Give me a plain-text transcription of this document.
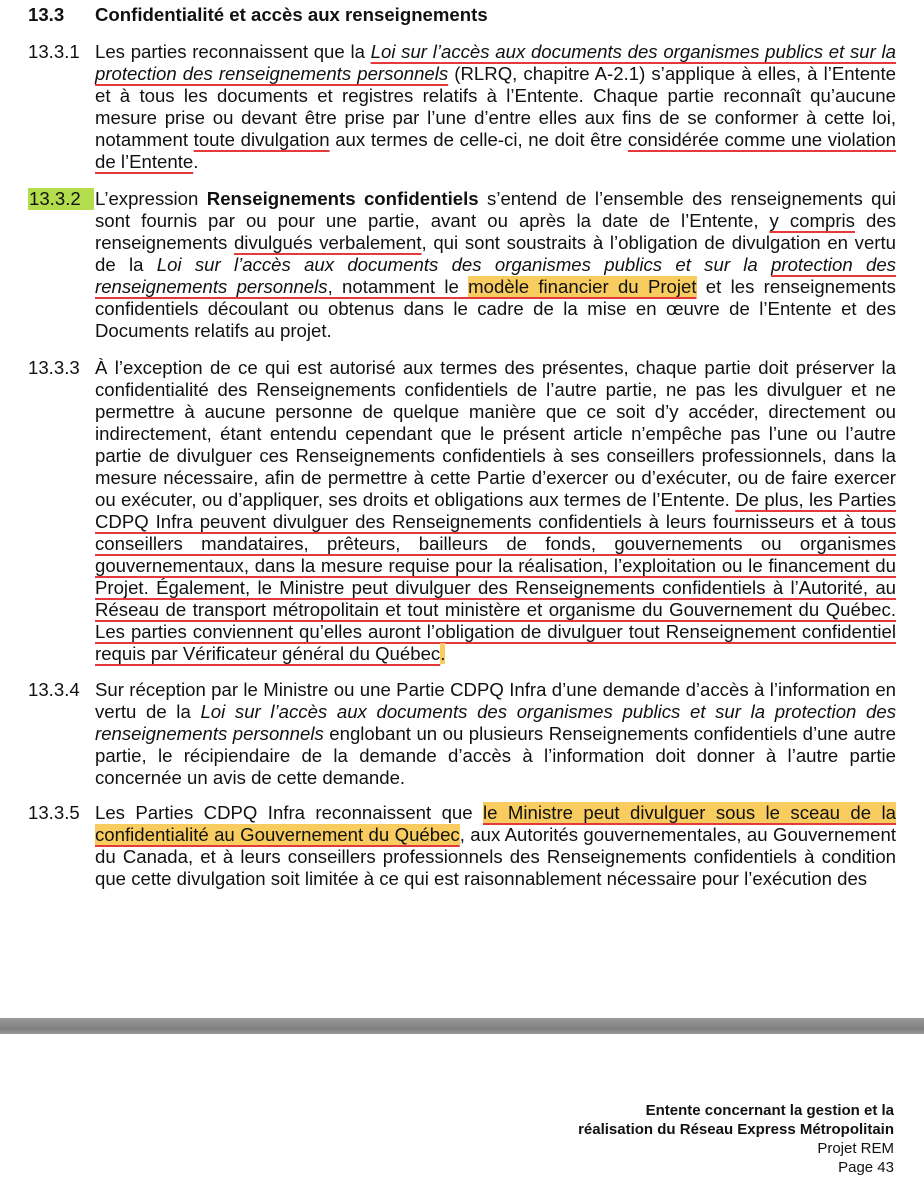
13.3 Confidentialité et accès aux renseignements
13.3.1 Les parties reconnaissent que la Loi sur l’accès aux documents des organismes publics et sur la protection des renseignements personnels (RLRQ, chapitre A-2.1) s’applique à elles, à l’Entente et à tous les documents et registres relatifs à l’Entente. Chaque partie reconnaît qu’aucune mesure prise ou devant être prise par l’une d’entre elles aux fins de se conformer à cette loi, notamment toute divulgation aux termes de celle-ci, ne doit être considérée comme une violation de l’Entente.
13.3.2 L’expression Renseignements confidentiels s’entend de l’ensemble des renseignements qui sont fournis par ou pour une partie, avant ou après la date de l’Entente, y compris des renseignements divulgués verbalement, qui sont soustraits à l’obligation de divulgation en vertu de la Loi sur l’accès aux documents des organismes publics et sur la protection des renseignements personnels, notamment le modèle financier du Projet et les renseignements confidentiels découlant ou obtenus dans le cadre de la mise en œuvre de l’Entente et des Documents relatifs au projet.
13.3.3 À l’exception de ce qui est autorisé aux termes des présentes, chaque partie doit préserver la confidentialité des Renseignements confidentiels de l’autre partie, ne pas les divulguer et ne permettre à aucune personne de quelque manière que ce soit d’y accéder, directement ou indirectement, étant entendu cependant que le présent article n’empêche pas l’une ou l’autre partie de divulguer ces Renseignements confidentiels à ses conseillers professionnels, dans la mesure nécessaire, afin de permettre à cette Partie d’exercer ou d’exécuter, ou de faire exercer ou exécuter, ou d’appliquer, ses droits et obligations aux termes de l’Entente. De plus, les Parties CDPQ Infra peuvent divulguer des Renseignements confidentiels à leurs fournisseurs et à tous conseillers mandataires, prêteurs, bailleurs de fonds, gouvernements ou organismes gouvernementaux, dans la mesure requise pour la réalisation, l’exploitation ou le financement du Projet. Également, le Ministre peut divulguer des Renseignements confidentiels à l’Autorité, au Réseau de transport métropolitain et tout ministère et organisme du Gouvernement du Québec. Les parties conviennent qu’elles auront l’obligation de divulguer tout Renseignement confidentiel requis par Vérificateur général du Québec.
13.3.4 Sur réception par le Ministre ou une Partie CDPQ Infra d’une demande d’accès à l’information en vertu de la Loi sur l’accès aux documents des organismes publics et sur la protection des renseignements personnels englobant un ou plusieurs Renseignements confidentiels d’une autre partie, le récipiendaire de la demande d’accès à l’information doit donner à l’autre partie concernée un avis de cette demande.
13.3.5 Les Parties CDPQ Infra reconnaissent que le Ministre peut divulguer sous le sceau de la confidentialité au Gouvernement du Québec, aux Autorités gouvernementales, au Gouvernement du Canada, et à leurs conseillers professionnels des Renseignements confidentiels à condition que cette divulgation soit limitée à ce qui est raisonnablement nécessaire pour l’exécution des
Entente concernant la gestion et la
réalisation du Réseau Express Métropolitain
Projet REM
Page 43
